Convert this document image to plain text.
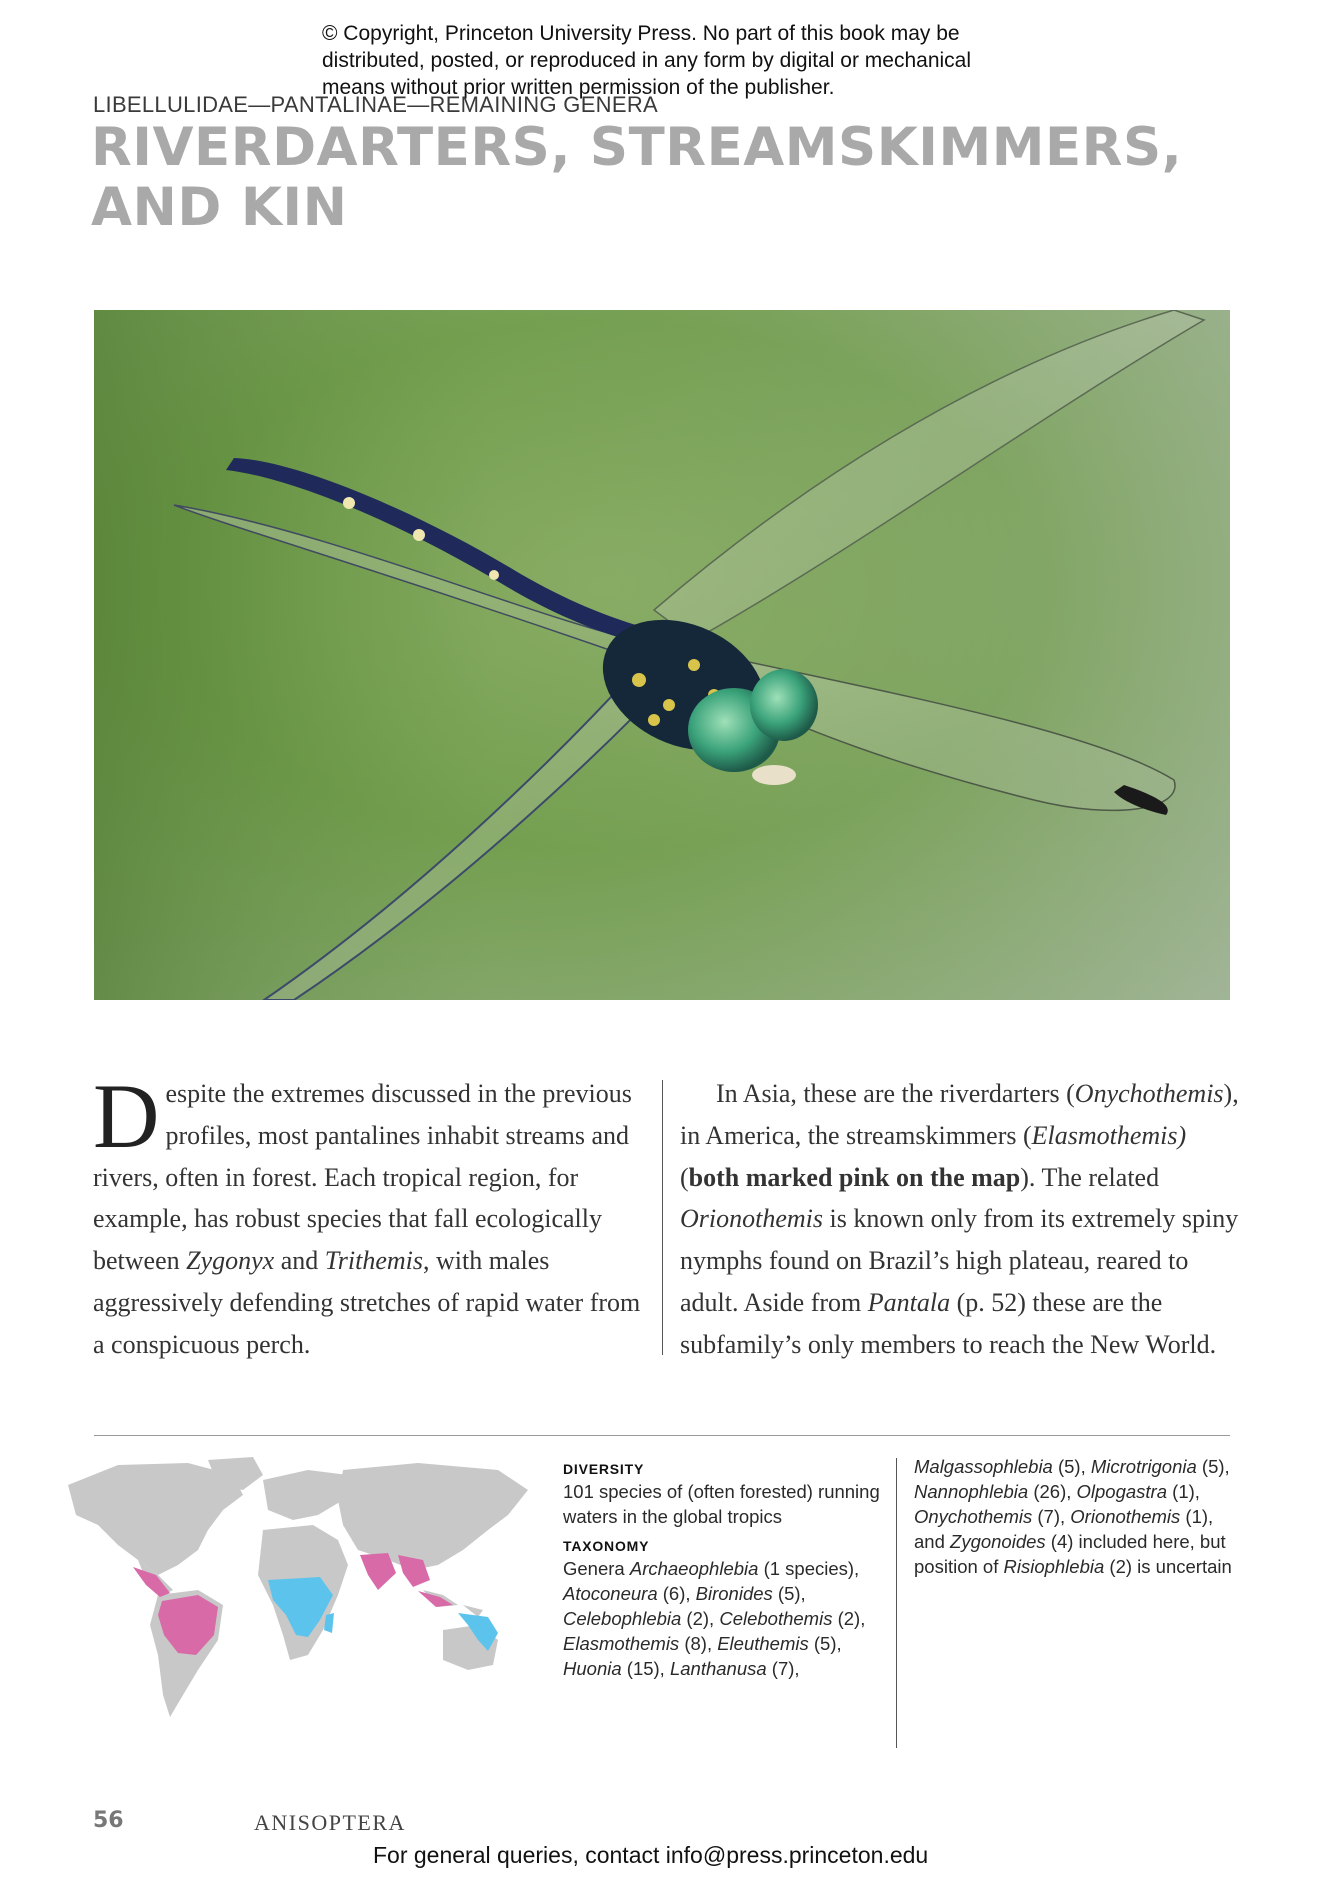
© Copyright, Princeton University Press. No part of this book may be
distributed, posted, or reproduced in any form by digital or mechanical
means without prior written permission of the publisher.
LIBELLULIDAE—PANTALINAE—REMAINING GENERA
RIVERDARTERS, STREAMSKIMMERS,
AND KIN
Despite the extremes discussed in the previous profiles, most pantalines inhabit streams and rivers, often in forest. Each tropical region, for example, has robust species that fall ecologically between Zygonyx and Trithemis, with males aggressively defending stretches of rapid water from a conspicuous perch.
In Asia, these are the riverdarters (Onychothemis), in America, the streamskimmers (Elasmothemis) (both marked pink on the map). The related Orionothemis is known only from its extremely spiny nymphs found on Brazil’s high plateau, reared to adult. Aside from Pantala (p. 52) these are the subfamily’s only members to reach the New World.
DIVERSITY
101 species of (often forested) running waters in the global tropics
TAXONOMY
Genera Archaeophlebia (1 species), Atoconeura (6), Bironides (5), Celebophlebia (2), Celebothemis (2), Elasmothemis (8), Eleuthemis (5), Huonia (15), Lanthanusa (7),
Malgassophlebia (5), Microtrigonia (5), Nannophlebia (26), Olpogastra (1), Onychothemis (7), Orionothemis (1), and Zygonoides (4) included here, but position of Risiophlebia (2) is uncertain
56	ANISOPTERA
For general queries, contact info@press.princeton.edu
